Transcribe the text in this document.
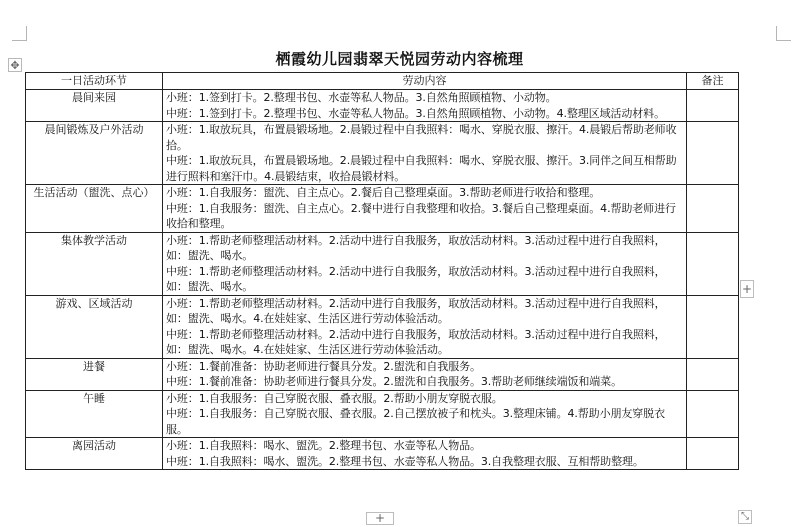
✥	栖霞幼儿园翡翠天悦园劳动内容梳理
一日活动环节	劳动内容	备注
晨间来园	小班：1.签到打卡。2.整理书包、水壶等私人物品。3.自然角照顾植物、小动物。
中班：1.签到打卡。2.整理书包、水壶等私人物品。3.自然角照顾植物、小动物。4.整理区域活动材料。	

晨间锻炼及户外活动	小班：1.取放玩具，布置晨锻场地。2.晨锻过程中自我照料：喝水、穿脱衣服、擦汗。4.晨锻后帮助老师收拾。
中班：1.取放玩具，布置晨锻场地。2.晨锻过程中自我照料：喝水、穿脱衣服、擦汗。3.同伴之间互相帮助进行照料和塞汗巾。4.晨锻结束，收拾晨锻材料。	

生活活动（盥洗、点心）	小班：1.自我服务：盥洗、自主点心。2.餐后自己整理桌面。3.帮助老师进行收拾和整理。
中班：1.自我服务：盥洗、自主点心。2.餐中进行自我整理和收拾。3.餐后自己整理桌面。4.帮助老师进行收拾和整理。	

集体教学活动	小班：1.帮助老师整理活动材料。2.活动中进行自我服务，取放活动材料。3.活动过程中进行自我照料，如：盥洗、喝水。
中班：1.帮助老师整理活动材料。2.活动中进行自我服务，取放活动材料。3.活动过程中进行自我照料，如：盥洗、喝水。	

游戏、区域活动	小班：1.帮助老师整理活动材料。2.活动中进行自我服务，取放活动材料。3.活动过程中进行自我照料，如：盥洗、喝水。4.在娃娃家、生活区进行劳动体验活动。
中班：1.帮助老师整理活动材料。2.活动中进行自我服务，取放活动材料。3.活动过程中进行自我照料，如：盥洗、喝水。4.在娃娃家、生活区进行劳动体验活动。	

进餐	小班：1.餐前准备：协助老师进行餐具分发。2.盥洗和自我服务。
中班：1.餐前准备：协助老师进行餐具分发。2.盥洗和自我服务。3.帮助老师继续端饭和端菜。	

午睡	小班：1.自我服务：自己穿脱衣服、叠衣服。2.帮助小朋友穿脱衣服。
中班：1.自我服务：自己穿脱衣服、叠衣服。2.自己摆放被子和枕头。3.整理床铺。4.帮助小朋友穿脱衣服。	

离园活动	小班：1.自我照料：喝水、盥洗。2.整理书包、水壶等私人物品。
中班：1.自我照料：喝水、盥洗。2.整理书包、水壶等私人物品。3.自我整理衣服、互相帮助整理。	

+
+	⤡
